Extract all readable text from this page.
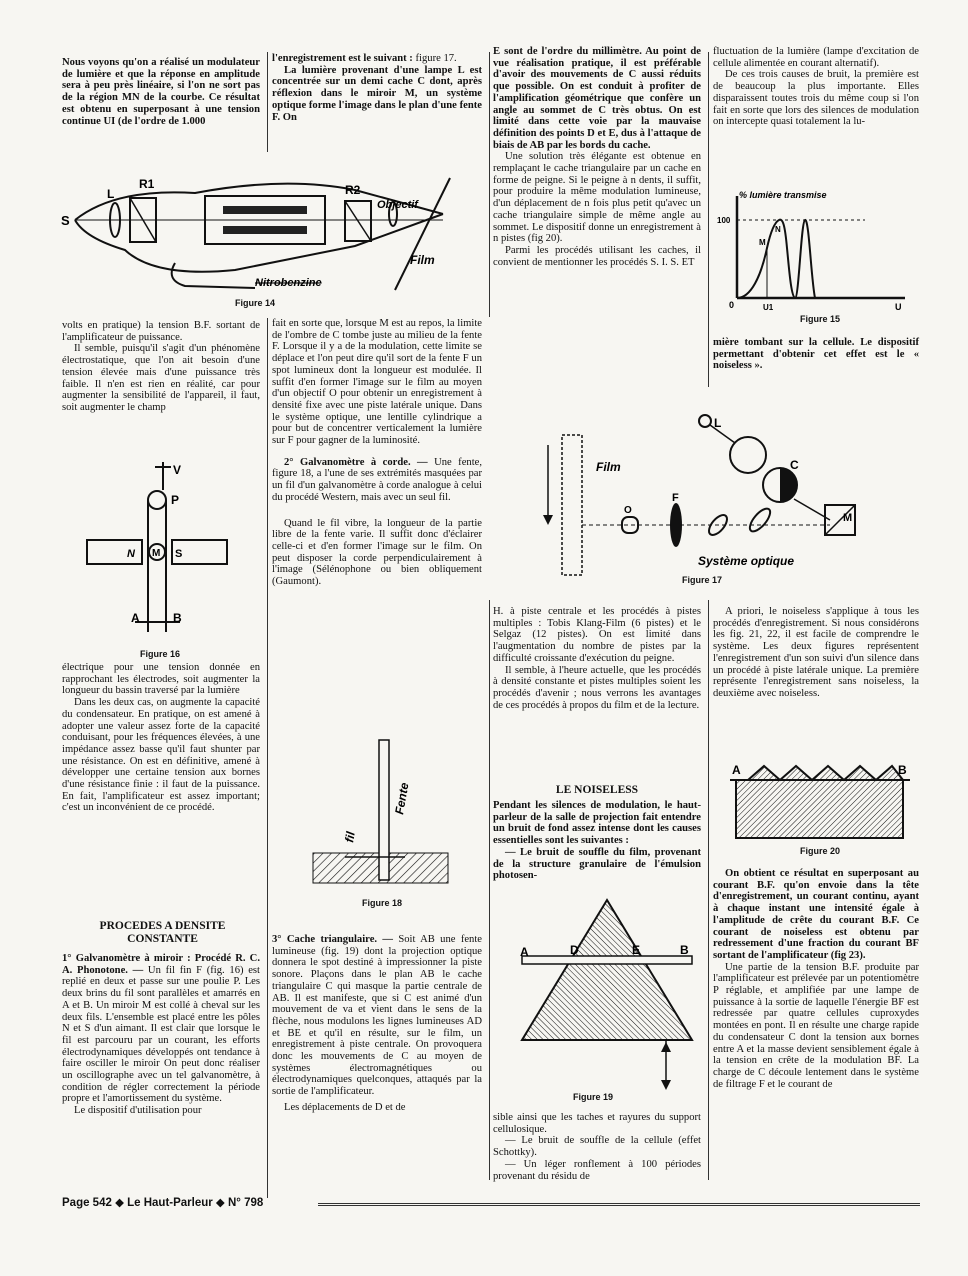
Nous voyons qu'on a réalisé un modulateur de lumière et que la réponse en amplitude sera à peu près linéaire, si l'on ne sort pas de la région MN de la courbe. Ce résultat est obtenu en superposant à une tension continue UI (de l'ordre de 1.000

volts en pratique) la tension B.F. sortant de l'amplificateur de puissance.

Il semble, puisqu'il s'agit d'un phénomène électrostatique, que l'on ait besoin d'une tension élevée mais d'une puissance très faible. Il n'en est rien en réalité, car pour augmenter la sensibilité de l'appareil, il faut, soit augmenter le champ

électrique pour une tension donnée en rapprochant les électrodes, soit augmenter la longueur du bassin traversé par la lumière

Dans les deux cas, on augmente la capacité du condensateur. En pratique, on est amené à adopter une valeur assez forte de la capacité conduisant, pour les fréquences élevées, à une impédance assez basse qu'il faut shunter par une résistance. On est en définitive, amené à développer une certaine tension aux bornes d'une résistance finie : il faut de la puissance. En fait, l'amplificateur est assez important; c'est un inconvénient de ce procédé.

PROCEDES A DENSITE CONSTANTE

1° Galvanomètre à miroir : Procédé R. C. A. Phonotone. — Un fil fin F (fig. 16) est replié en deux et passe sur une poulie P. Les deux brins du fil sont parallèles et amarrés en A et B. Un miroir M est collé à cheval sur les deux fils. L'ensemble est placé entre les pôles N et S d'un aimant. Il est clair que lorsque le fil est parcouru par un courant, les efforts électrodynamiques développés ont tendance à faire osciller le miroir On peut donc réaliser un oscillographe avec un tel galvanomètre, à condition de régler correctement la période propre et l'amortissement du système.

Le dispositif d'utilisation pour

l'enregistrement est le suivant : figure 17.

La lumière provenant d'une lampe L est concentrée sur un demi cache C dont, après réflexion dans le miroir M, un système optique forme l'image dans le plan d'une fente F. On

fait en sorte que, lorsque M est au repos, la limite de l'ombre de C tombe juste au milieu de la fente F. Lorsque il y a de la modulation, cette limite se déplace et l'on peut dire qu'il sort de la fente F un spot lumineux dont la longueur est modulée. Il suffit d'en former l'image sur le film au moyen d'un objectif O pour obtenir un enregistrement à densité fixe avec une piste latérale unique. Dans le système optique, une lentille cylindrique a pour but de concentrer verticalement la lumière sur F pour gagner de la luminosité.

2° Galvanomètre à corde. — Une fente, figure 18, a l'une de ses extrémités masquées par un fil d'un galvanomètre à corde analogue à celui du procédé Western, mais avec un seul fil.

Quand le fil vibre, la longueur de la partie libre de la fente varie. Il suffit donc d'éclairer celle-ci et d'en former l'image sur le film. On peut disposer la corde perpendiculairement à l'image (Sélénophone ou bien obliquement (Gaumont).

3° Cache triangulaire. — Soit AB une fente lumineuse (fig. 19) dont la projection optique donnera le spot destiné à impressionner la piste sonore. Plaçons dans le plan AB le cache triangulaire C qui masque la partie centrale de AB. Il est manifeste, que si C est animé d'un mouvement de va et vient dans le sens de la flèche, nous modulons les lignes lumineuses AD et BE et qu'il en résulte, sur le film, un enregistrement à piste centrale. On provoquera donc les mouvements de C au moyen de systèmes électromagnétiques ou électrodynamiques quelconques, attaqués par la sortie de l'amplificateur.

Les déplacements de D et de

E sont de l'ordre du millimètre. Au point de vue réalisation pratique, il est préférable d'avoir des mouvements de C aussi réduits que possible. On est conduit à profiter de l'amplification géométrique que confère un angle au sommet de C très obtus. On est limité dans cette voie par la mauvaise définition des points D et E, dus à l'attaque de biais de AB par les bords du cache.

Une solution très élégante est obtenue en remplaçant le cache triangulaire par un cache en forme de peigne. Si le peigne à n dents, il suffit, pour produire la même modulation lumineuse, d'un déplacement de n fois plus petit qu'avec un cache triangulaire simple de même angle au sommet. Le dispositif donne un enregistrement à n pistes (fig 20).

Parmi les procédés utilisant les caches, il convient de mentionner les procédés S. I. S. ET

H. à piste centrale et les procédés à pistes multiples : Tobis Klang-Film (6 pistes) et le Selgaz (12 pistes). On est limité dans l'augmentation du nombre de pistes par la difficulté croissante d'exécution du peigne.

Il semble, à l'heure actuelle, que les procédés à densité constante et pistes multiples soient les procédés d'avenir ; nous verrons les avantages de ces procédés à propos du film et de la lecture.

LE NOISELESS

Pendant les silences de modulation, le haut-parleur de la salle de projection fait entendre un bruit de fond assez intense dont les causes essentielles sont les suivantes :

— Le bruit de souffle du film, provenant de la structure granulaire de l'émulsion photosen-

sible ainsi que les taches et rayures du support cellulosique.

— Le bruit de souffle de la cellule (effet Schottky).

— Un léger ronflement à 100 périodes provenant du résidu de

fluctuation de la lumière (lampe d'excitation de cellule alimentée en courant alternatif).

De ces trois causes de bruit, la première est de beaucoup la plus importante. Elles disparaissent toutes trois du même coup si l'on fait en sorte que lors des silences de modulation on intercepte quasi totalement la lu-

mière tombant sur la cellule. Le dispositif permettant d'obtenir cet effet est le « noiseless ».

A priori, le noiseless s'applique à tous les procédés d'enregistrement. Si nous considérons les fig. 21, 22, il est facile de comprendre le système. Les deux figures représentent l'enregistrement d'un son suivi d'un silence dans un procédé à piste latérale unique. La première représente l'enregistrement sans noiseless, la deuxième avec noiseless.

On obtient ce résultat en superposant au courant B.F. qu'on envoie dans la tête d'enregistrement, un courant continu, ayant à chaque instant une intensité égale à l'amplitude de crête du courant B.F. Ce courant de noiseless est obtenu par redressement d'une fraction du courant BF sortant de l'amplificateur (fig 23).

Une partie de la tension B.F. produite par l'amplificateur est prélevée par un potentiomètre P réglable, et amplifiée par une lampe de puissance à la sortie de laquelle l'énergie BF est redressée par quatre cellules cuproxydes montées en pont. Il en résulte une charge rapide du condensateur C dont la tension aux bornes entre A et la masse devient sensiblement égale à la tension en crête de la modulation BF. La charge de C découle lentement dans le système de filtrage F et le courant de

S
L
R1	R2
Objectif
Film
Nitrobenzine
Figure 14
% lumière transmise
100
M
N
0	U1	U
Figure 15
V
P
N M S
A	B
Figure 16
Film
L
C
F
O
M
Système optique
Figure 17
fil
Fente
Figure 18
A	D	E	B
Figure 19
A	B
Figure 20
Page 542 ◆ Le Haut-Parleur ◆ N° 798
